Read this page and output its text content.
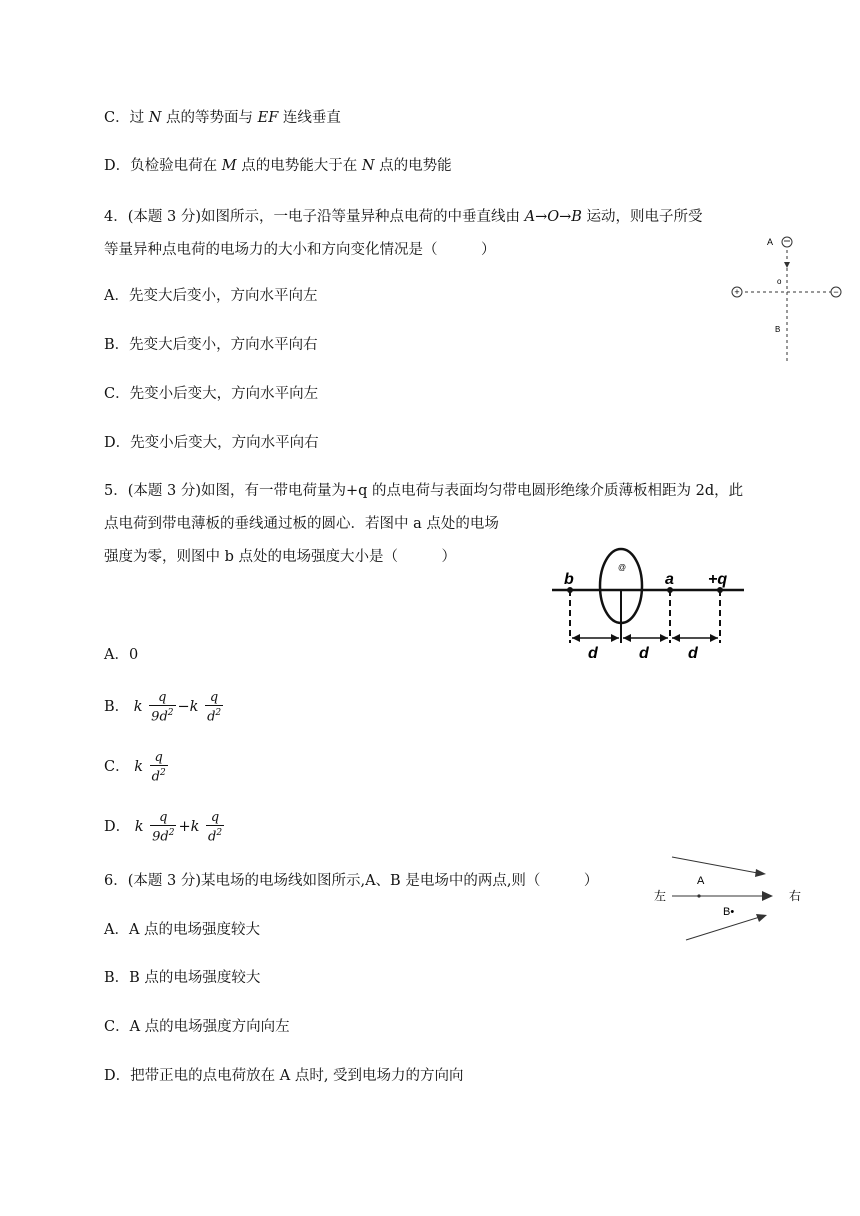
C．过 N 点的等势面与 EF 连线垂直
D．负检验电荷在 M 点的电势能大于在 N 点的电势能
4．(本题 3 分)如图所示，一电子沿等量异种点电荷的中垂直线由 A→O→B 运动，则电子所受
等量异种点电荷的电场力的大小和方向变化情况是（　　　）
A．先变大后变小，方向水平向左
B．先变大后变小，方向水平向右
C．先变小后变大，方向水平向左
D．先变小后变大，方向水平向右
+	−
A
o
B
5．(本题 3 分)如图，有一带电荷量为+q 的点电荷与表面均匀带电圆形绝缘介质薄板相距为 2d，此
点电荷到带电薄板的垂线通过板的圆心．若图中 a 点处的电场
强度为零，则图中 b 点处的电场强度大小是（　　　）
b	a +q
@
d	d d
A．0
B． k $\frac{q}{9d^2} -k \frac{q}{d^2}$
C． k $\frac{q}{d^2}$
D． k $\frac{q}{9d^2} +k \frac{q}{d^2}$
6．(本题 3 分)某电场的电场线如图所示,A、B 是电场中的两点,则（　　　）
A．A 点的电场强度较大
B．B 点的电场强度较大
C．A 点的电场强度方向向左
D．把带正电的点电荷放在 A 点时, 受到电场力的方向向
左	右
A
B•
